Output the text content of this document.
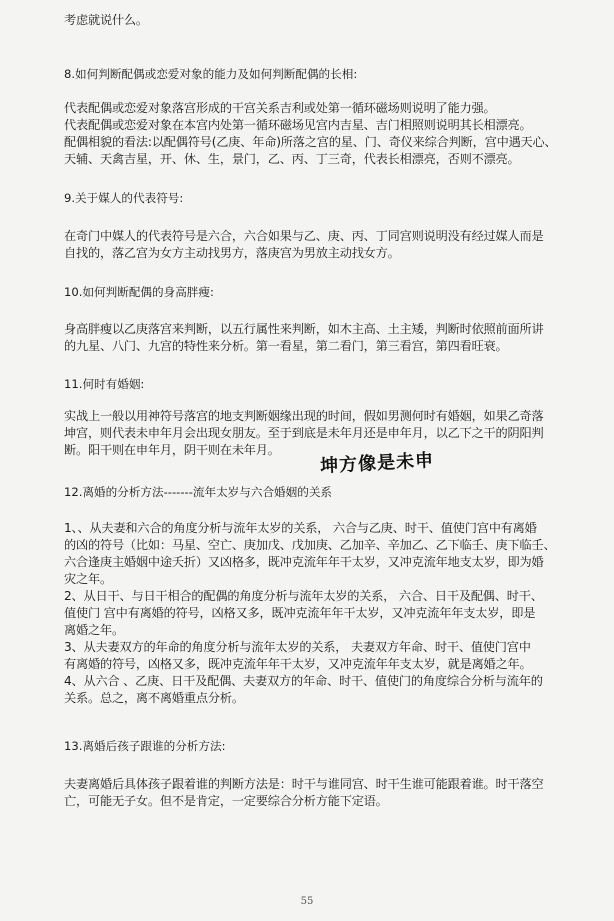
考虑就说什么。
8.如何判断配偶或恋爱对象的能力及如何判断配偶的长相:
代表配偶或恋爱对象落宫形成的干宫关系吉利或处第一循环磁场则说明了能力强。
代表配偶或恋爱对象在本宫内处第一循环磁场见宫内吉星、吉门相照则说明其长相漂亮。
配偶相貌的看法:以配偶符号(乙庚、年命)所落之宫的星、门、奇仪来综合判断，宫中遇天心、
天辅、天禽吉星，开、休、生，景门，乙、丙、丁三奇，代表长相漂亮，否则不漂亮。
9.关于媒人的代表符号:
在奇门中媒人的代表符号是六合，六合如果与乙、庚、丙、丁同宫则说明没有经过媒人而是
自找的，落乙宫为女方主动找男方，落庚宫为男放主动找女方。
10.如何判断配偶的身高胖瘦:
身高胖瘦以乙庚落宫来判断，以五行属性来判断，如木主高、土主矮，判断时依照前面所讲
的九星、八门、九宫的特性来分析。第一看星，第二看门，第三看宫，第四看旺衰。
11.何时有婚姻:
实战上一般以用神符号落宫的地支判断姻缘出现的时间，假如男测何时有婚姻，如果乙奇落
坤宫，则代表未申年月会出现女朋友。至于到底是未年月还是申年月，以乙下之干的阴阳判
断。阳干则在申年月，阴干则在未年月。
坤方像是未申
12.离婚的分析方法-------流年太岁与六合婚姻的关系
1、、从夫妻和六合的角度分析与流年太岁的关系， 六合与乙庚、时干、值使门宫中有离婚
的凶的符号（比如：马星、空亡、庚加戊、戊加庚、乙加辛、辛加乙、乙下临壬、庚下临壬、
六合逢庚主婚姻中途夭折）又凶格多，既冲克流年年干太岁，又冲克流年地支太岁，即为婚
灾之年。
2、从日干、与日干相合的配偶的角度分析与流年太岁的关系， 六合、日干及配偶、时干、
值使门 宫中有离婚的符号，凶格又多，既冲克流年年干太岁，又冲克流年年支太岁，即是
离婚之年。
3、从夫妻双方的年命的角度分析与流年太岁的关系， 夫妻双方年命、时干、值使门宫中
有离婚的符号，凶格又多，既冲克流年年干太岁，又冲克流年年支太岁，就是离婚之年。
4、从六合 、乙庚、日干及配偶、夫妻双方的年命、时干、值使门的角度综合分析与流年的
关系。总之，离不离婚重点分析。
13.离婚后孩子跟谁的分析方法:
夫妻离婚后具体孩子跟着谁的判断方法是：时干与谁同宫、时干生谁可能跟着谁。时干落空
亡，可能无子女。但不是肯定，一定要综合分析方能下定语。
55
